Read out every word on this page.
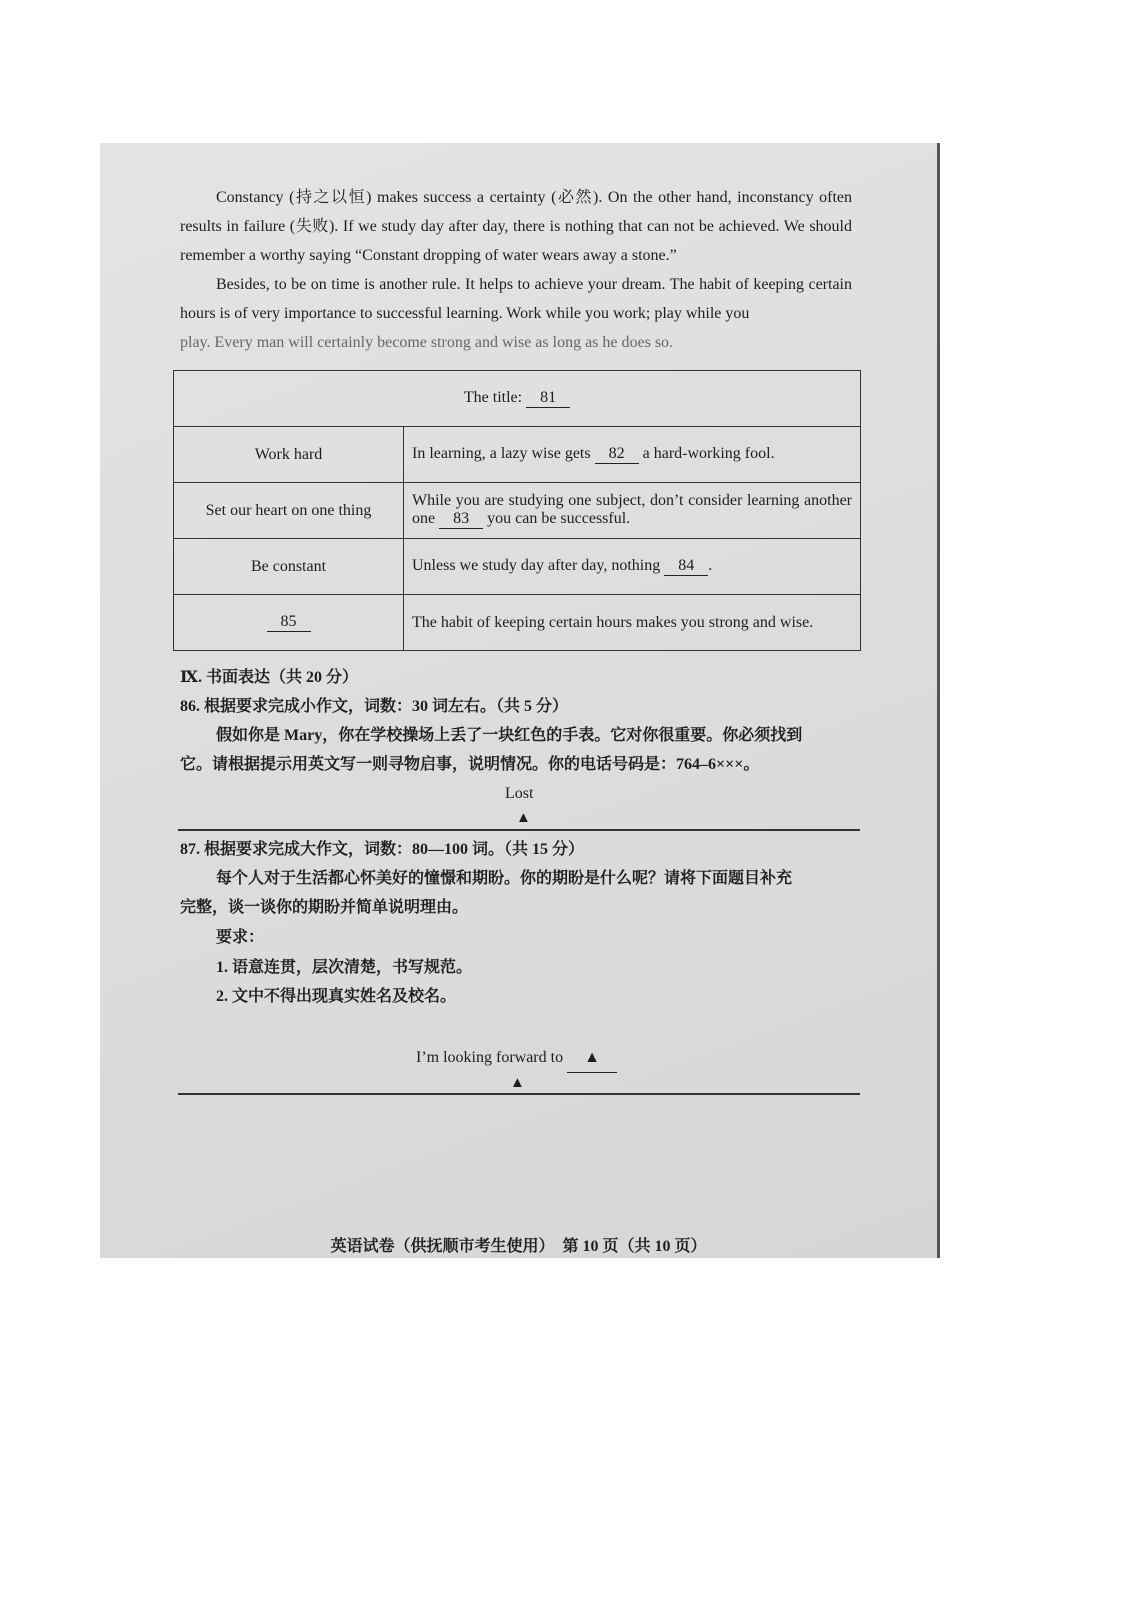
Constancy (持之以恒) makes success a certainty (必然). On the other hand, inconstancy often results in failure (失败). If we study day after day, there is nothing that can not be achieved. We should remember a worthy saying “Constant dropping of water wears away a stone.”
Besides, to be on time is another rule. It helps to achieve your dream. The habit of keeping certain hours is of very importance to successful learning. Work while you work; play while you
play. Every man will certainly become strong and wise as long as he does so.
The title: 81	
Work hard	In learning, a lazy wise gets 82 a hard-working fool.
Set our heart on one thing	While you are studying one subject, don’t consider learning another one 83 you can be successful.
Be constant	Unless we study day after day, nothing 84 .
85	The habit of keeping certain hours makes you strong and wise.
Ⅸ. 书面表达（共 20 分）
86. 根据要求完成小作文，词数：30 词左右。（共 5 分）
假如你是 Mary，你在学校操场上丢了一块红色的手表。它对你很重要。你必须找到
它。请根据提示用英文写一则寻物启事，说明情况。你的电话号码是：764–6×××。
Lost
▲
87. 根据要求完成大作文，词数：80—100 词。（共 15 分）
每个人对于生活都心怀美好的憧憬和期盼。你的期盼是什么呢？请将下面题目补充
完整，谈一谈你的期盼并简单说明理由。
要求：
1. 语意连贯，层次清楚，书写规范。
2. 文中不得出现真实姓名及校名。
I’m looking forward to ▲
▲
英语试卷（供抚顺市考生使用）　第 10 页（共 10 页）
